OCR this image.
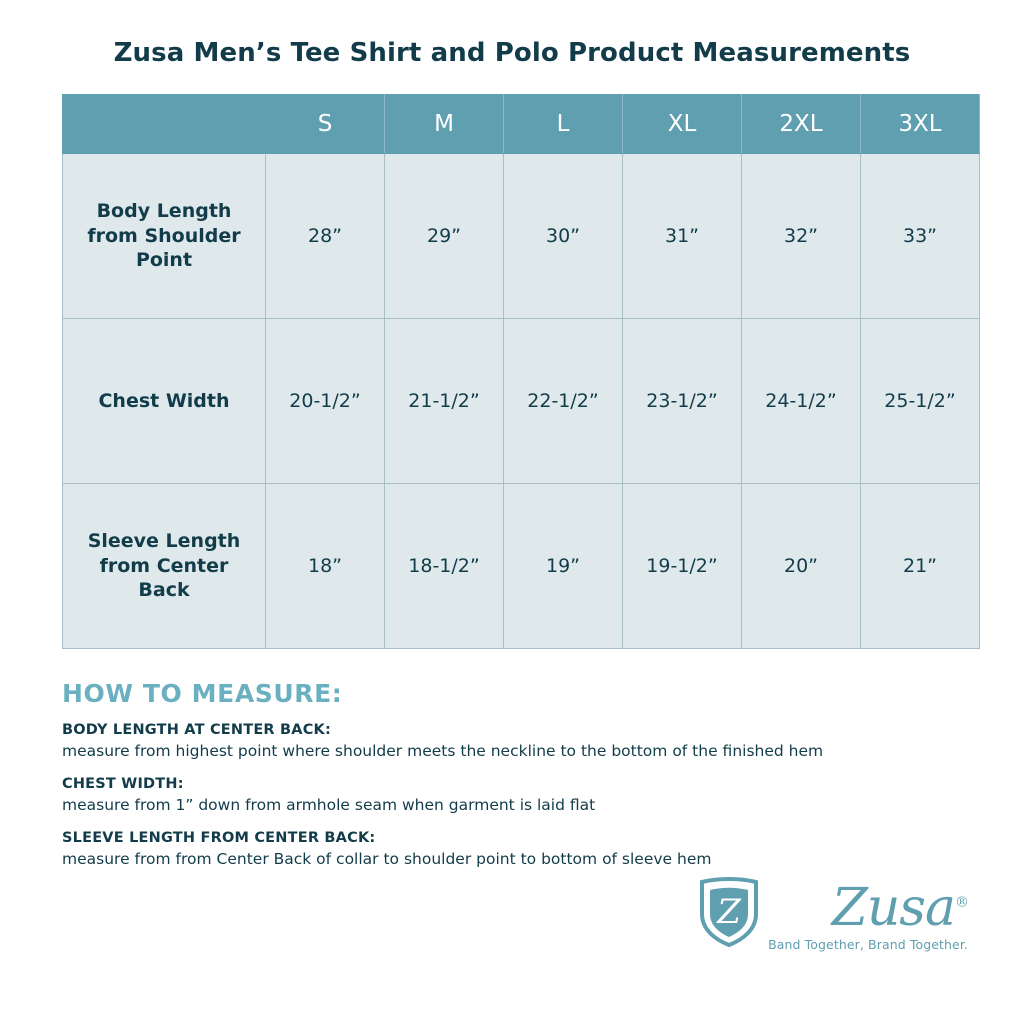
Zusa Men’s Tee Shirt and Polo Product Measurements
	S	M	L	XL	2XL	3XL
Body Length from Shoulder Point	28”	29”	30”	31”	32”	33”
Chest Width	20-1/2”	21-1/2”	22-1/2”	23-1/2”	24-1/2”	25-1/2”
Sleeve Length from Center Back	18”	18-1/2”	19”	19-1/2”	20”	21”
HOW TO MEASURE:
BODY LENGTH AT CENTER BACK:
measure from highest point where shoulder meets the neckline to the bottom of the finished hem
CHEST WIDTH:
measure from 1” down from armhole seam when garment is laid flat
SLEEVE LENGTH FROM CENTER BACK:
measure from from Center Back of collar to shoulder point to bottom of sleeve hem
Z Zusa®
Band Together, Brand Together.
